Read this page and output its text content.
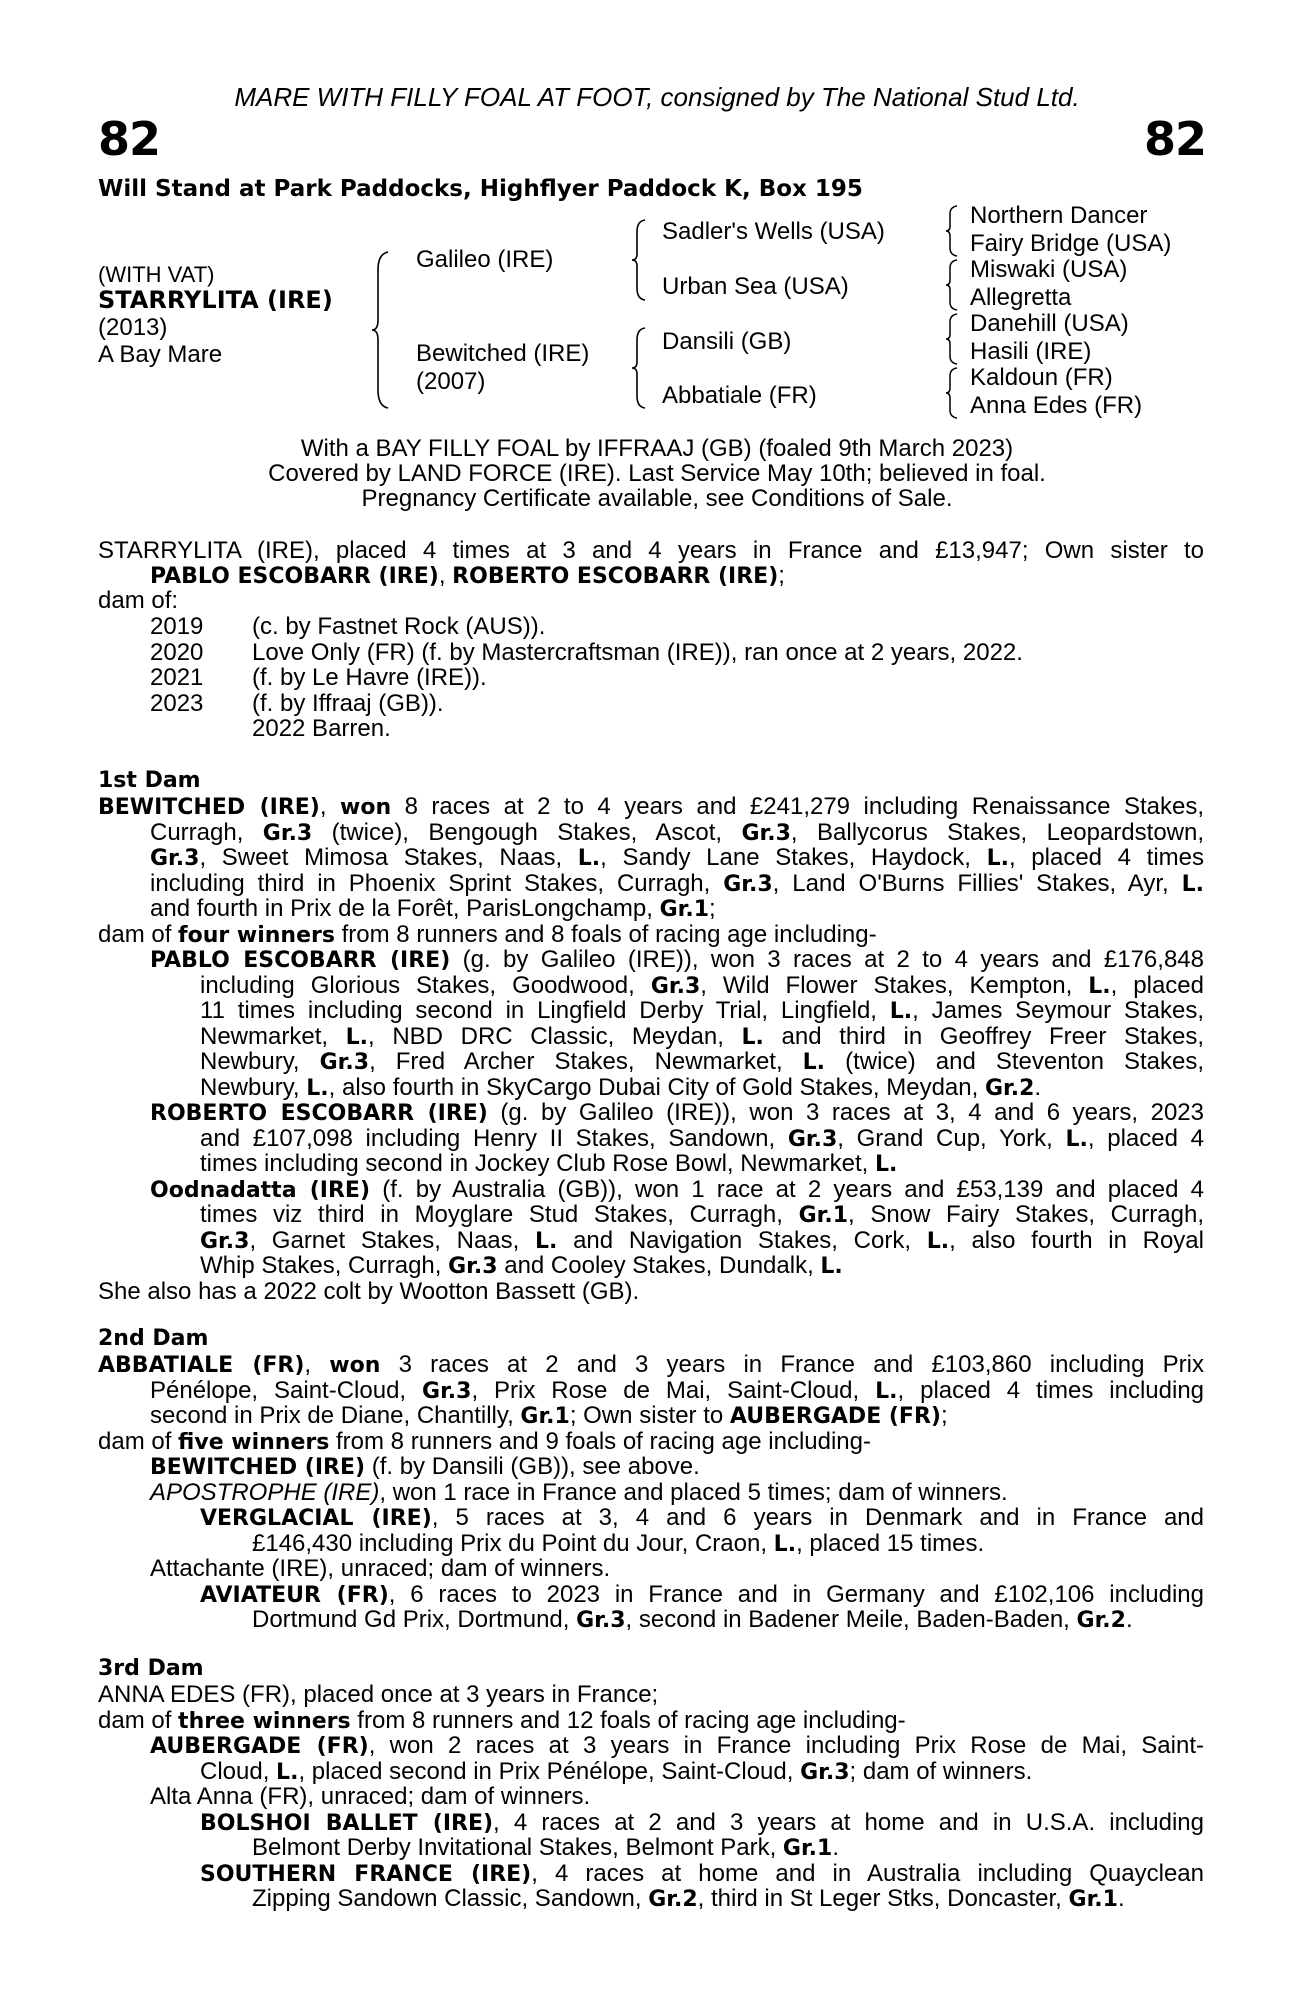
MARE WITH FILLY FOAL AT FOOT, consigned by The National Stud Ltd.
82	82
Will Stand at Park Paddocks, Highflyer Paddock K, Box 195
(WITH VAT)
STARRYLITA (IRE)
(2013)
A Bay Mare
Galileo (IRE)
Bewitched (IRE)
(2007)
Sadler's Wells (USA)
Urban Sea (USA)
Dansili (GB)
Abbatiale (FR)
Northern Dancer
Fairy Bridge (USA)
Miswaki (USA)
Allegretta
Danehill (USA)
Hasili (IRE)
Kaldoun (FR)
Anna Edes (FR)
With a BAY FILLY FOAL by IFFRAAJ (GB) (foaled 9th March 2023)
Covered by LAND FORCE (IRE). Last Service May 10th; believed in foal.
Pregnancy Certificate available, see Conditions of Sale.
STARRYLITA (IRE), placed 4 times at 3 and 4 years in France and £13,947; Own sister to
PABLO ESCOBARR (IRE), ROBERTO ESCOBARR (IRE);
dam of:
2019 (c. by Fastnet Rock (AUS)).
2020 Love Only (FR) (f. by Mastercraftsman (IRE)), ran once at 2 years, 2022.
2021 (f. by Le Havre (IRE)).
2023 (f. by Iffraaj (GB)).
2022 Barren.
1st Dam
BEWITCHED (IRE), won 8 races at 2 to 4 years and £241,279 including Renaissance Stakes,
Curragh, Gr.3 (twice), Bengough Stakes, Ascot, Gr.3, Ballycorus Stakes, Leopardstown,
Gr.3, Sweet Mimosa Stakes, Naas, L., Sandy Lane Stakes, Haydock, L., placed 4 times
including third in Phoenix Sprint Stakes, Curragh, Gr.3, Land O'Burns Fillies' Stakes, Ayr, L.
and fourth in Prix de la Forêt, ParisLongchamp, Gr.1;
dam of four winners from 8 runners and 8 foals of racing age including-
PABLO ESCOBARR (IRE) (g. by Galileo (IRE)), won 3 races at 2 to 4 years and £176,848
including Glorious Stakes, Goodwood, Gr.3, Wild Flower Stakes, Kempton, L., placed
11 times including second in Lingfield Derby Trial, Lingfield, L., James Seymour Stakes,
Newmarket, L., NBD DRC Classic, Meydan, L. and third in Geoffrey Freer Stakes,
Newbury, Gr.3, Fred Archer Stakes, Newmarket, L. (twice) and Steventon Stakes,
Newbury, L., also fourth in SkyCargo Dubai City of Gold Stakes, Meydan, Gr.2.
ROBERTO ESCOBARR (IRE) (g. by Galileo (IRE)), won 3 races at 3, 4 and 6 years, 2023
and £107,098 including Henry II Stakes, Sandown, Gr.3, Grand Cup, York, L., placed 4
times including second in Jockey Club Rose Bowl, Newmarket, L.
Oodnadatta (IRE) (f. by Australia (GB)), won 1 race at 2 years and £53,139 and placed 4
times viz third in Moyglare Stud Stakes, Curragh, Gr.1, Snow Fairy Stakes, Curragh,
Gr.3, Garnet Stakes, Naas, L. and Navigation Stakes, Cork, L., also fourth in Royal
Whip Stakes, Curragh, Gr.3 and Cooley Stakes, Dundalk, L.
She also has a 2022 colt by Wootton Bassett (GB).
2nd Dam
ABBATIALE (FR), won 3 races at 2 and 3 years in France and £103,860 including Prix
Pénélope, Saint-Cloud, Gr.3, Prix Rose de Mai, Saint-Cloud, L., placed 4 times including
second in Prix de Diane, Chantilly, Gr.1; Own sister to AUBERGADE (FR);
dam of five winners from 8 runners and 9 foals of racing age including-
BEWITCHED (IRE) (f. by Dansili (GB)), see above.
APOSTROPHE (IRE), won 1 race in France and placed 5 times; dam of winners.
VERGLACIAL (IRE), 5 races at 3, 4 and 6 years in Denmark and in France and
£146,430 including Prix du Point du Jour, Craon, L., placed 15 times.
Attachante (IRE), unraced; dam of winners.
AVIATEUR (FR), 6 races to 2023 in France and in Germany and £102,106 including
Dortmund Gd Prix, Dortmund, Gr.3, second in Badener Meile, Baden-Baden, Gr.2.
3rd Dam
ANNA EDES (FR), placed once at 3 years in France;
dam of three winners from 8 runners and 12 foals of racing age including-
AUBERGADE (FR), won 2 races at 3 years in France including Prix Rose de Mai, Saint-
Cloud, L., placed second in Prix Pénélope, Saint-Cloud, Gr.3; dam of winners.
Alta Anna (FR), unraced; dam of winners.
BOLSHOI BALLET (IRE), 4 races at 2 and 3 years at home and in U.S.A. including
Belmont Derby Invitational Stakes, Belmont Park, Gr.1.
SOUTHERN FRANCE (IRE), 4 races at home and in Australia including Quayclean
Zipping Sandown Classic, Sandown, Gr.2, third in St Leger Stks, Doncaster, Gr.1.
